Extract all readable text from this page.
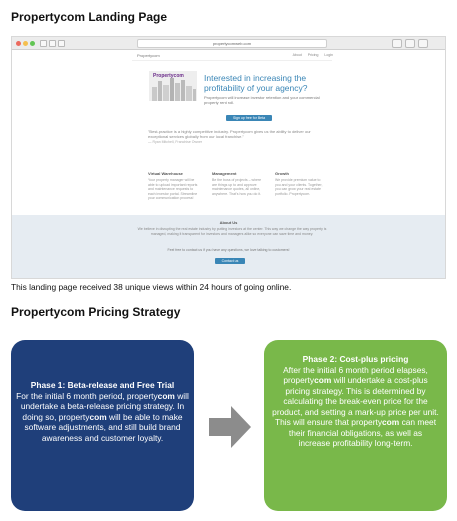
Propertycom Landing Page
propertycomweb.com
Propertycom	About Pricing Login
Propertycom Interested in increasing the profitability of your agency?
Propertycom will increase investor retention and your commercial property rent roll.
Sign up free for Beta
"Best-practice is a highly competitive industry. Propertycom gives us the ability to deliver our exceptional services globally from our local franchise."
— Ryan Mitchell, Franchise Owner
Virtual Warehouse
Your property manager will be able to upload important reports and maintenance requests to each investor portal. Streamline your communication process!
Management
Be the boss of projects – where are things up to and approve maintenance quotes, all online, anywhere. That's how you do it.
Growth
We provide premium value to you and your clients. Together, you can grow your real estate portfolio. Propertycom.
About Us
We believe in disrupting the real estate industry by putting investors at the center. This way we change the way property is managed, making it transparent for investors and managers alike so everyone can save time and money.
Feel free to contact us if you have any questions, we love talking to customers!
Contact us
This landing page received 38 unique views within 24 hours of going online.
Propertycom Pricing Strategy
Phase 1: Beta-release and Free Trial
For the initial 6 month period, propertycom will undertake a beta-release pricing strategy. In doing so, propertycom will be able to make software adjustments, and still build brand awareness and customer loyalty.
Phase 2: Cost-plus pricing
After the initial 6 month period elapses, propertycom will undertake a cost-plus pricing strategy. This is determined by calculating the break-even price for the product, and setting a mark-up price per unit. This will ensure that propertycom can meet their financial obligations, as well as increase profitability long-term.
